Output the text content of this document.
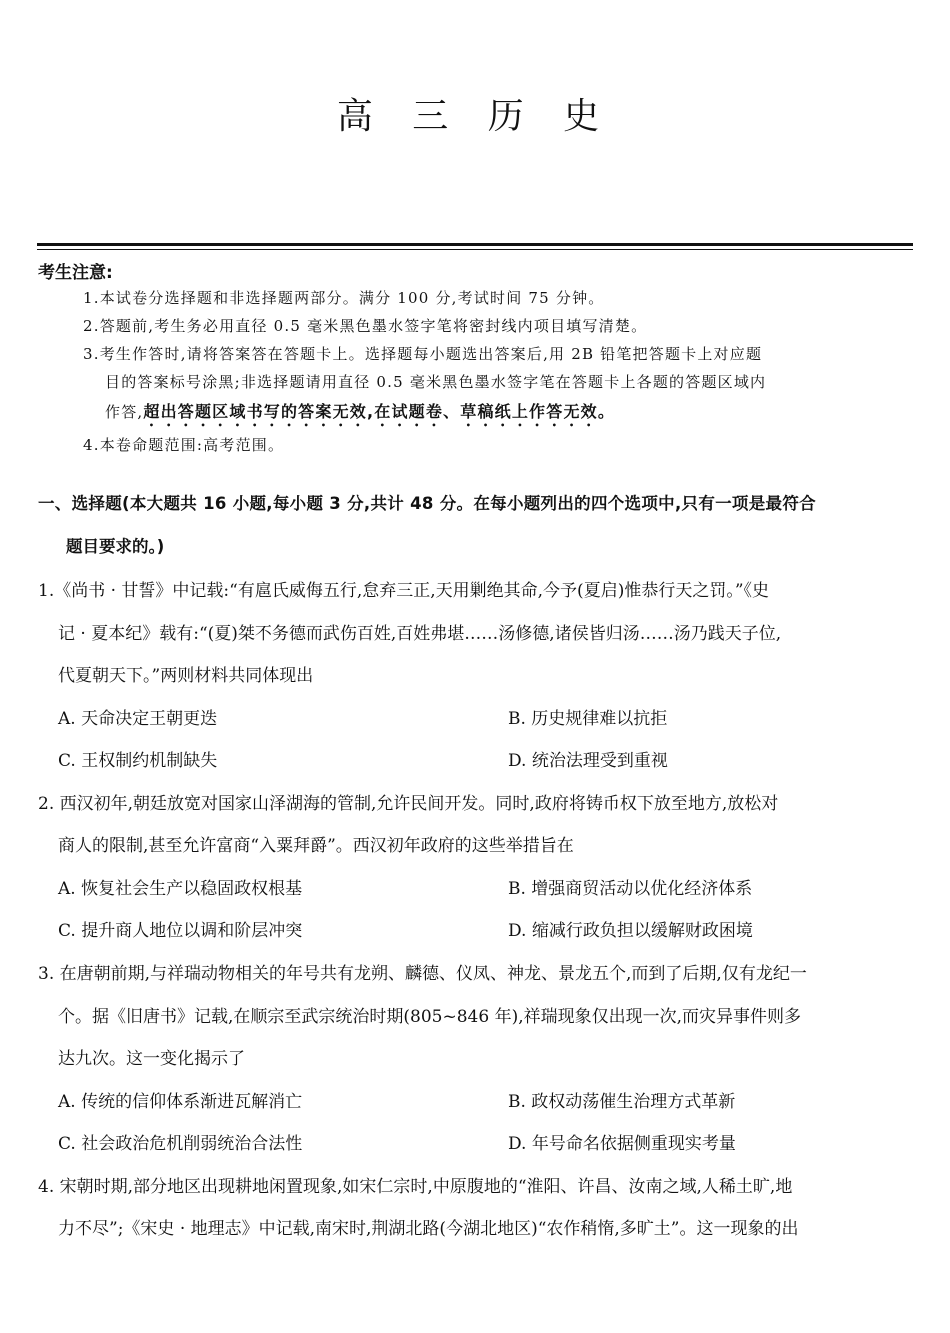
高 三 历 史
考生注意:
1.本试卷分选择题和非选择题两部分。满分 100 分,考试时间 75 分钟。
2.答题前,考生务必用直径 0.5 毫米黑色墨水签字笔将密封线内项目填写清楚。
3.考生作答时,请将答案答在答题卡上。选择题每小题选出答案后,用 2B 铅笔把答题卡上对应题
目的答案标号涂黑;非选择题请用直径 0.5 毫米黑色墨水签字笔在答题卡上各题的答题区域内
作答,超出答题区域书写的答案无效,在试题卷、草稿纸上作答无效。
4.本卷命题范围:高考范围。
一、选择题(本大题共 16 小题,每小题 3 分,共计 48 分。在每小题列出的四个选项中,只有一项是最符合
题目要求的。)
1.《尚书 · 甘誓》中记载:“有扈氏威侮五行,怠弃三正,天用剿绝其命,今予(夏启)惟恭行天之罚。”《史
记 · 夏本纪》载有:“(夏)桀不务德而武伤百姓,百姓弗堪……汤修德,诸侯皆归汤……汤乃践天子位,
代夏朝天下。”两则材料共同体现出
A. 天命决定王朝更迭	B. 历史规律难以抗拒
C. 王权制约机制缺失	D. 统治法理受到重视
2. 西汉初年,朝廷放宽对国家山泽湖海的管制,允许民间开发。同时,政府将铸币权下放至地方,放松对
商人的限制,甚至允许富商“入粟拜爵”。西汉初年政府的这些举措旨在
A. 恢复社会生产以稳固政权根基	B. 增强商贸活动以优化经济体系
C. 提升商人地位以调和阶层冲突	D. 缩减行政负担以缓解财政困境
3. 在唐朝前期,与祥瑞动物相关的年号共有龙朔、麟德、仪凤、神龙、景龙五个,而到了后期,仅有龙纪一
个。据《旧唐书》记载,在顺宗至武宗统治时期(805~846 年),祥瑞现象仅出现一次,而灾异事件则多
达九次。这一变化揭示了
A. 传统的信仰体系渐进瓦解消亡	B. 政权动荡催生治理方式革新
C. 社会政治危机削弱统治合法性	D. 年号命名依据侧重现实考量
4. 宋朝时期,部分地区出现耕地闲置现象,如宋仁宗时,中原腹地的“淮阳、许昌、汝南之域,人稀土旷,地
力不尽”;《宋史 · 地理志》中记载,南宋时,荆湖北路(今湖北地区)“农作稍惰,多旷土”。这一现象的出
